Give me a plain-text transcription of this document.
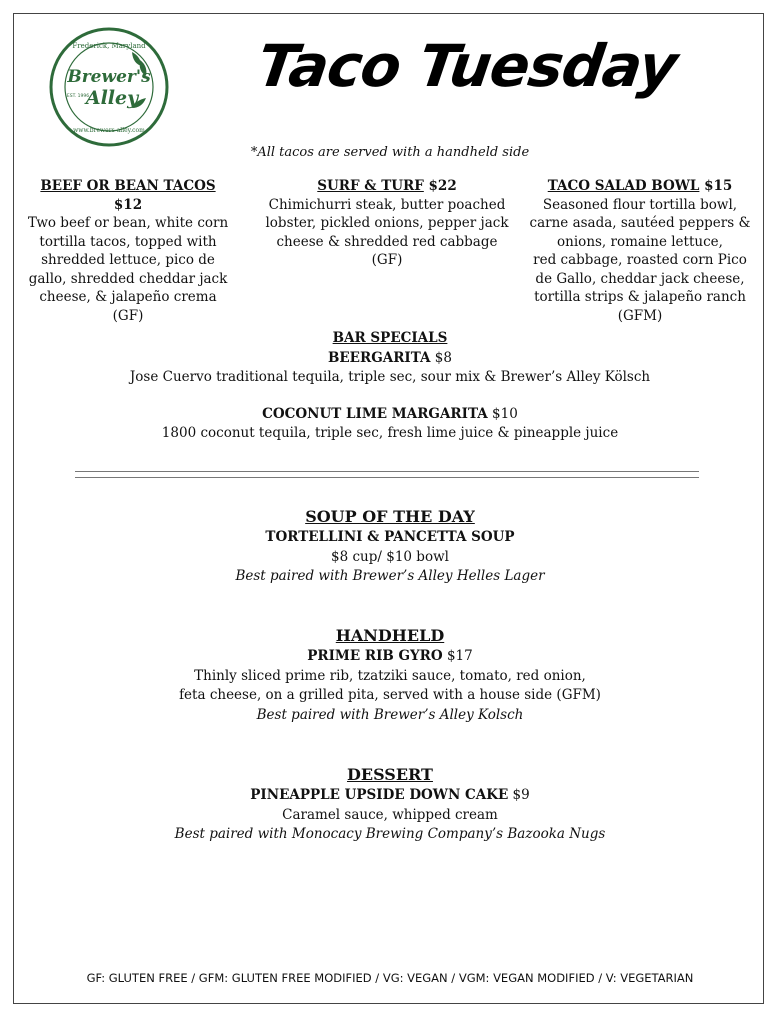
Frederick, Maryland
Brewer's
Alley
EST. 1996
www.brewers-alley.com
Taco Tuesday
*All tacos are served with a handheld side
BEEF OR BEAN TACOS $12
Two beef or bean, white corn
tortilla tacos, topped with
shredded lettuce, pico de
gallo, shredded cheddar jack
cheese, & jalapeño crema
(GF)
SURF & TURF $22
Chimichurri steak, butter poached
lobster, pickled onions, pepper jack
cheese & shredded red cabbage
(GF)
TACO SALAD BOWL $15
Seasoned flour tortilla bowl,
carne asada, sautéed peppers &
onions, romaine lettuce,
red cabbage, roasted corn Pico
de Gallo, cheddar jack cheese,
tortilla strips & jalapeño ranch
(GFM)
BAR SPECIALS
BEERGARITA $8
Jose Cuervo traditional tequila, triple sec, sour mix & Brewer’s Alley Kölsch
COCONUT LIME MARGARITA $10
1800 coconut tequila, triple sec, fresh lime juice & pineapple juice
SOUP OF THE DAY
TORTELLINI & PANCETTA SOUP
$8 cup/ $10 bowl
Best paired with Brewer’s Alley Helles Lager
HANDHELD
PRIME RIB GYRO $17
Thinly sliced prime rib, tzatziki sauce, tomato, red onion,
feta cheese, on a grilled pita, served with a house side (GFM)
Best paired with Brewer’s Alley Kolsch
DESSERT
PINEAPPLE UPSIDE DOWN CAKE $9
Caramel sauce, whipped cream
Best paired with Monocacy Brewing Company’s Bazooka Nugs
GF: GLUTEN FREE / GFM: GLUTEN FREE MODIFIED / VG: VEGAN / VGM: VEGAN MODIFIED / V: VEGETARIAN
